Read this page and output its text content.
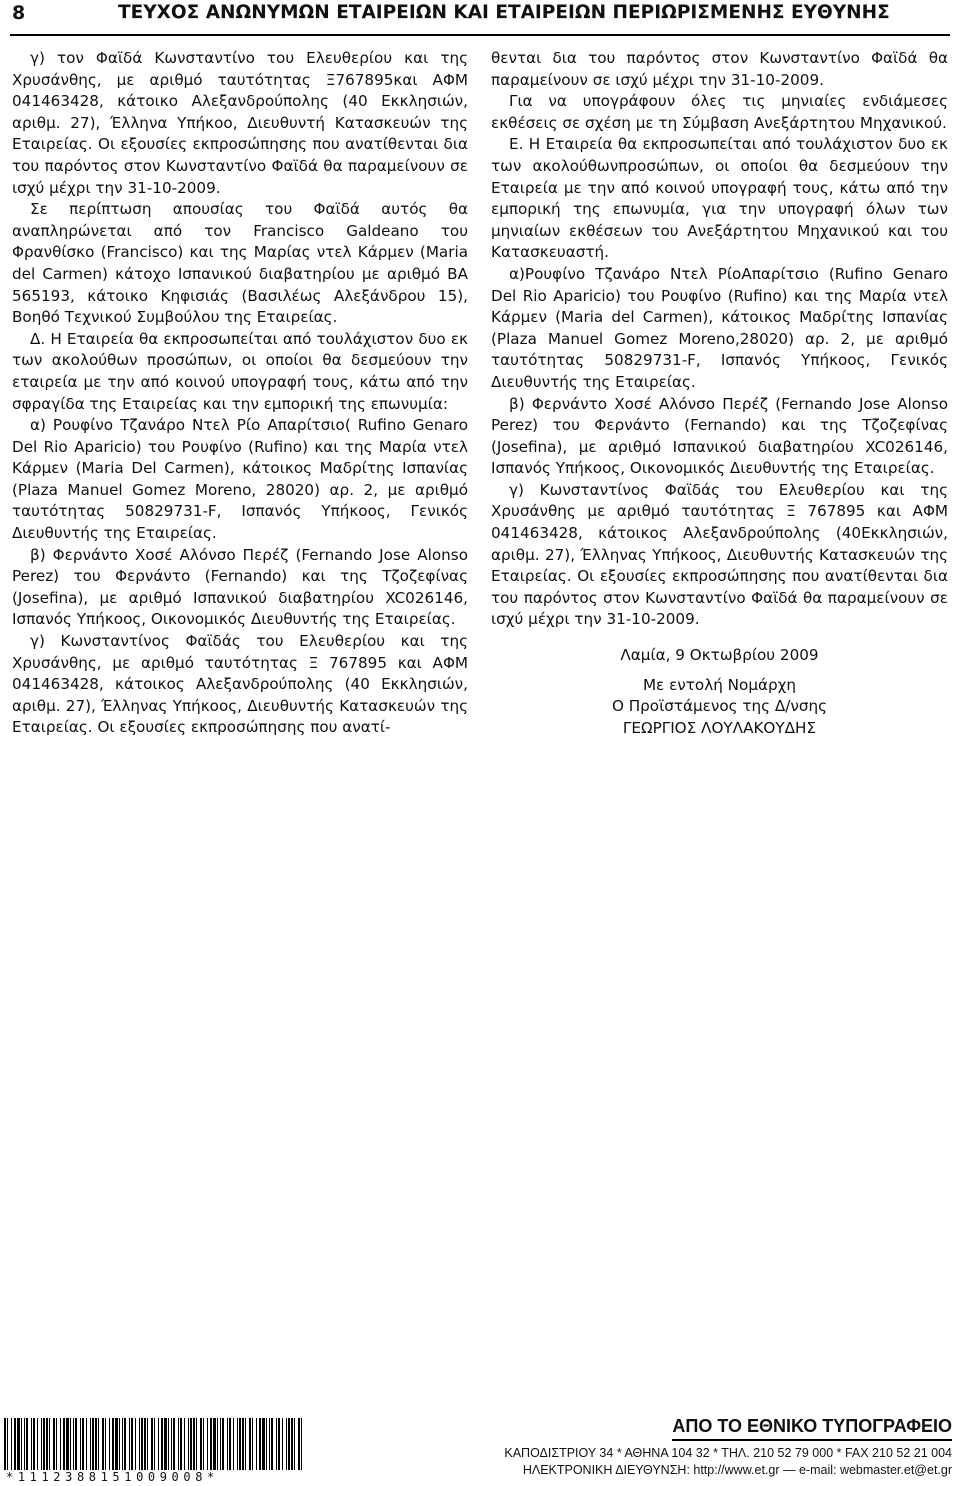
8	ΤΕΥΧΟΣ ΑΝΩΝΥΜΩΝ ΕΤΑΙΡΕΙΩΝ ΚΑΙ ΕΤΑΙΡΕΙΩΝ ΠΕΡΙΩΡΙΣΜΕΝΗΣ ΕΥΘΥΝΗΣ

γ) τον Φαϊδά Κωνσταντίνο του Ελευθερίου και της Χρυσάνθης, με αριθμό ταυτότητας Ξ767895και ΑΦΜ 041463428, κάτοικο Αλεξανδρούπολης (40 Εκκλησιών, αριθμ. 27), Έλληνα Υπήκοο, Διευθυντή Κατασκευών της Εταιρείας. Οι εξουσίες εκπροσώπησης που ανατίθενται δια του παρόντος στον Κωνσταντίνο Φαϊδά θα παραμείνουν σε ισχύ μέχρι την 31-10-2009.

Σε περίπτωση απουσίας του Φαϊδά αυτός θα αναπληρώνεται από τον Francisco Galdeano του Φρανθίσκο (Francisco) και της Μαρίας ντελ Κάρμεν (Maria del Carmen) κάτοχο Ισπανικού διαβατηρίου με αριθμό ΒΑ 565193, κάτοικο Κηφισιάς (Βασιλέως Αλεξάνδρου 15), Βοηθό Τεχνικού Συμβούλου της Εταιρείας.

Δ. Η Εταιρεία θα εκπροσωπείται από τουλάχιστον δυο εκ των ακολούθων προσώπων, οι οποίοι θα δεσμεύουν την εταιρεία με την από κοινού υπογραφή τους, κάτω από την σφραγίδα της Εταιρείας και την εμπορική της επωνυμία:

α) Ρουφίνο Τζανάρο Ντελ Ρίο Απαρίτσιο( Rufino Genaro Del Rio Aparicio) του Ρουφίνο (Rufino) και της Μαρία ντελ Κάρμεν (Maria Del Carmen), κάτοικος Μαδρίτης Ισπανίας (Plaza Manuel Gomez Moreno, 28020) αρ. 2, με αριθμό ταυτότητας 50829731-F, Ισπανός Υπήκοος, Γενικός Διευθυντής της Εταιρείας.

β) Φερνάντο Χοσέ Αλόνσο Περέζ (Fernando Jose Alonso Perez) του Φερνάντο (Fernando) και της Τζοζεφίνας (Josefina), με αριθμό Ισπανικού διαβατηρίου XC026146, Ισπανός Υπήκοος, Οικονομικός Διευθυντής της Εταιρείας.

γ) Κωνσταντίνος Φαϊδάς του Ελευθερίου και της Χρυσάνθης, με αριθμό ταυτότητας Ξ 767895 και ΑΦΜ 041463428, κάτοικος Αλεξανδρούπολης (40 Εκκλησιών, αριθμ. 27), Έλληνας Υπήκοος, Διευθυντής Κατασκευών της Εταιρείας. Οι εξουσίες εκπροσώπησης που ανατί-

θενται δια του παρόντος στον Κωνσταντίνο Φαϊδά θα παραμείνουν σε ισχύ μέχρι την 31-10-2009.

Για να υπογράφουν όλες τις μηνιαίες ενδιάμεσες εκθέσεις σε σχέση με τη Σύμβαση Ανεξάρτητου Μηχανικού.

Ε. Η Εταιρεία θα εκπροσωπείται από τουλάχιστον δυο εκ των ακολούθωνπροσώπων, οι οποίοι θα δεσμεύουν την Εταιρεία με την από κοινού υπογραφή τους, κάτω από την εμπορική της επωνυμία, για την υπογραφή όλων των μηνιαίων εκθέσεων του Ανεξάρτητου Μηχανικού και του Κατασκευαστή.

α)Ρουφίνο Τζανάρο Ντελ ΡίοΑπαρίτσιο (Rufino Genaro Del Rio Aparicio) του Ρουφίνο (Rufino) και της Μαρία ντελ Κάρμεν (Maria del Carmen), κάτοικος Μαδρίτης Ισπανίας (Plaza Manuel Gomez Moreno,28020) αρ. 2, με αριθμό ταυτότητας 50829731-F, Ισπανός Υπήκοος, Γενικός Διευθυντής της Εταιρείας.

β) Φερνάντο Χοσέ Αλόνσο Περέζ (Fernando Jose Alonso Perez) του Φερνάντο (Fernando) και της Τζοζεφίνας (Josefina), με αριθμό Ισπανικού διαβατηρίου XC026146, Ισπανός Υπήκοος, Οικονομικός Διευθυντής της Εταιρείας.

γ) Κωνσταντίνος Φαϊδάς του Ελευθερίου και της Χρυσάνθης με αριθμό ταυτότητας Ξ 767895 και ΑΦΜ 041463428, κάτοικος Αλεξανδρούπολης (40Εκκλησιών, αριθμ. 27), Έλληνας Υπήκοος, Διευθυντής Κατασκευών της Εταιρείας. Οι εξουσίες εκπροσώπησης που ανατίθενται δια του παρόντος στον Κωνσταντίνο Φαϊδά θα παραμείνουν σε ισχύ μέχρι την 31-10-2009.

Λαμία, 9 Οκτωβρίου 2009
Με εντολή Νομάρχη
Ο Προϊστάμενος της Δ/νσης
ΓΕΩΡΓΙΟΣ ΛΟΥΛΑΚΟΥΔΗΣ
*1112388151009008*
ΑΠΟ ΤΟ ΕΘΝΙΚΟ ΤΥΠΟΓΡΑΦΕΙΟ
ΚΑΠΟΔΙΣΤΡΙΟΥ 34 * ΑΘΗΝΑ 104 32 * ΤΗΛ. 210 52 79 000 * FAX 210 52 21 004
ΗΛΕΚΤΡΟΝΙΚΗ ΔΙΕΥΘΥΝΣΗ: http://www.et.gr — e-mail: webmaster.et@et.gr
